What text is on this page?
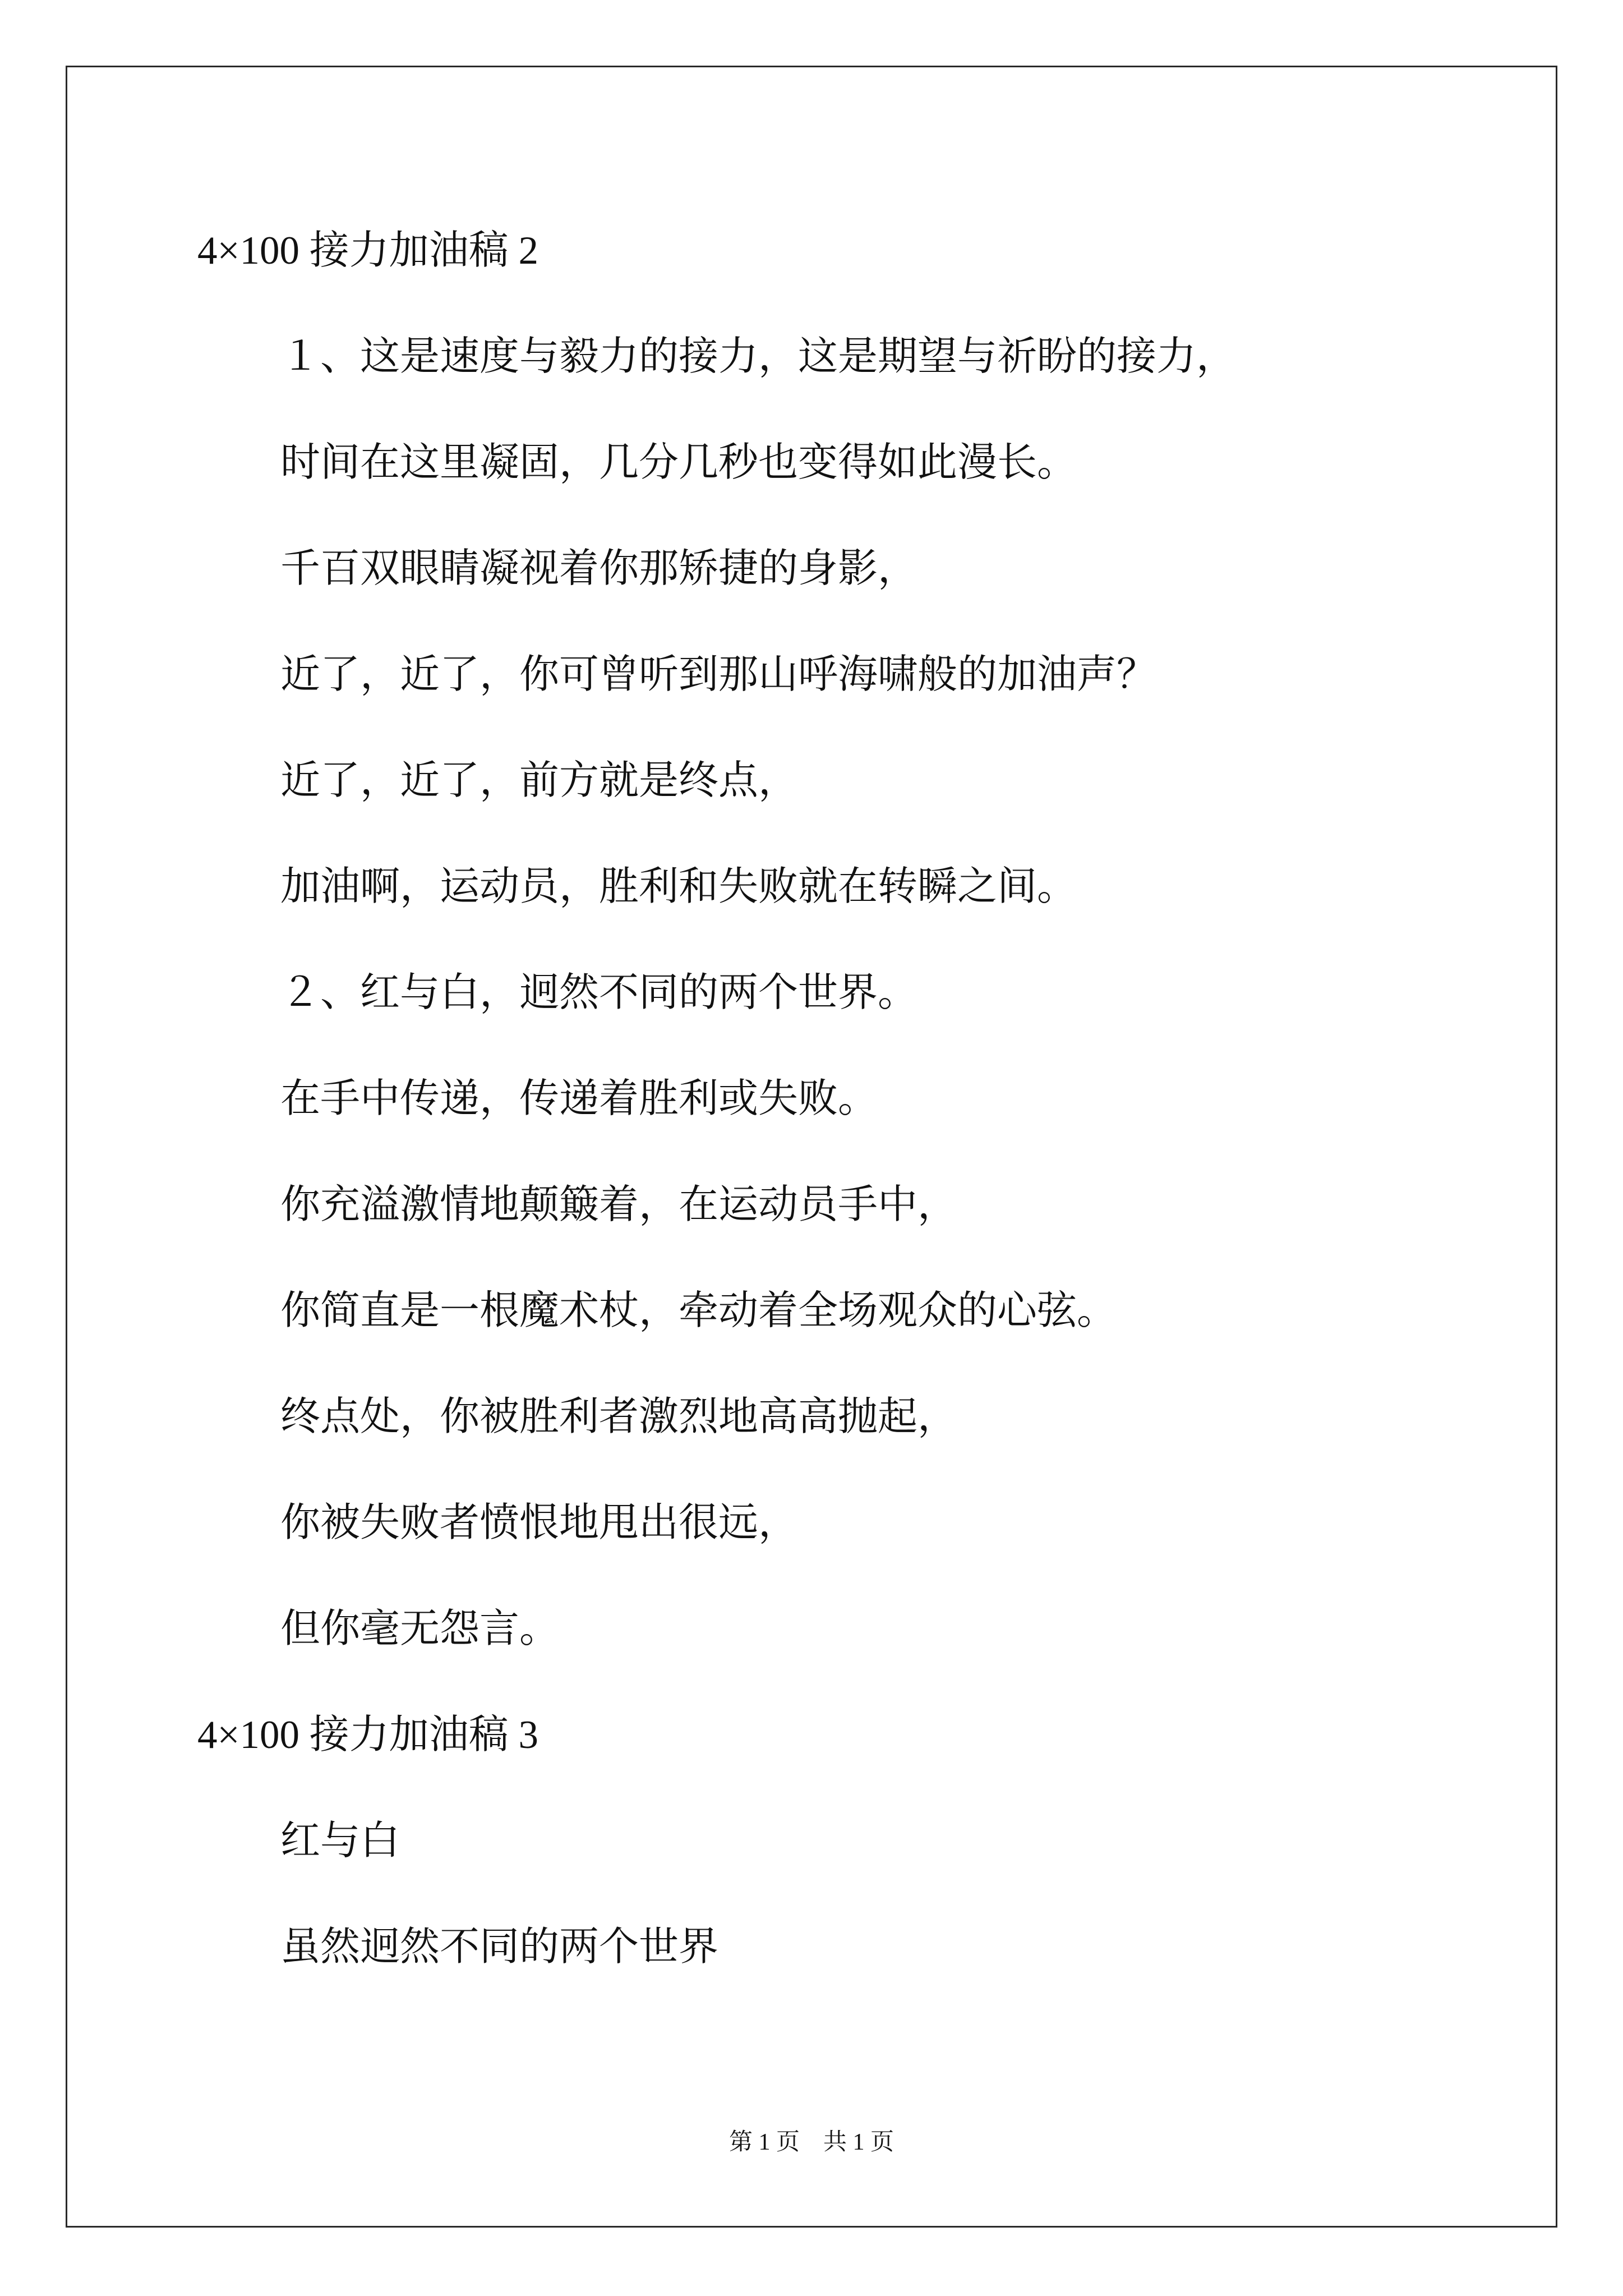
4×100 接力加油稿 2
１、这是速度与毅力的接力，这是期望与祈盼的接力，
时间在这里凝固，几分几秒也变得如此漫长。
千百双眼睛凝视着你那矫捷的身影，
近了，近了，你可曾听到那山呼海啸般的加油声？
近了，近了，前方就是终点，
加油啊，运动员，胜利和失败就在转瞬之间。
２、红与白，迥然不同的两个世界。
在手中传递，传递着胜利或失败。
你充溢激情地颠簸着，在运动员手中，
你简直是一根魔术杖，牵动着全场观众的心弦。
终点处，你被胜利者激烈地高高抛起，
你被失败者愤恨地甩出很远，
但你毫无怨言。
4×100 接力加油稿 3
红与白
虽然迥然不同的两个世界
第 1 页　共 1 页
